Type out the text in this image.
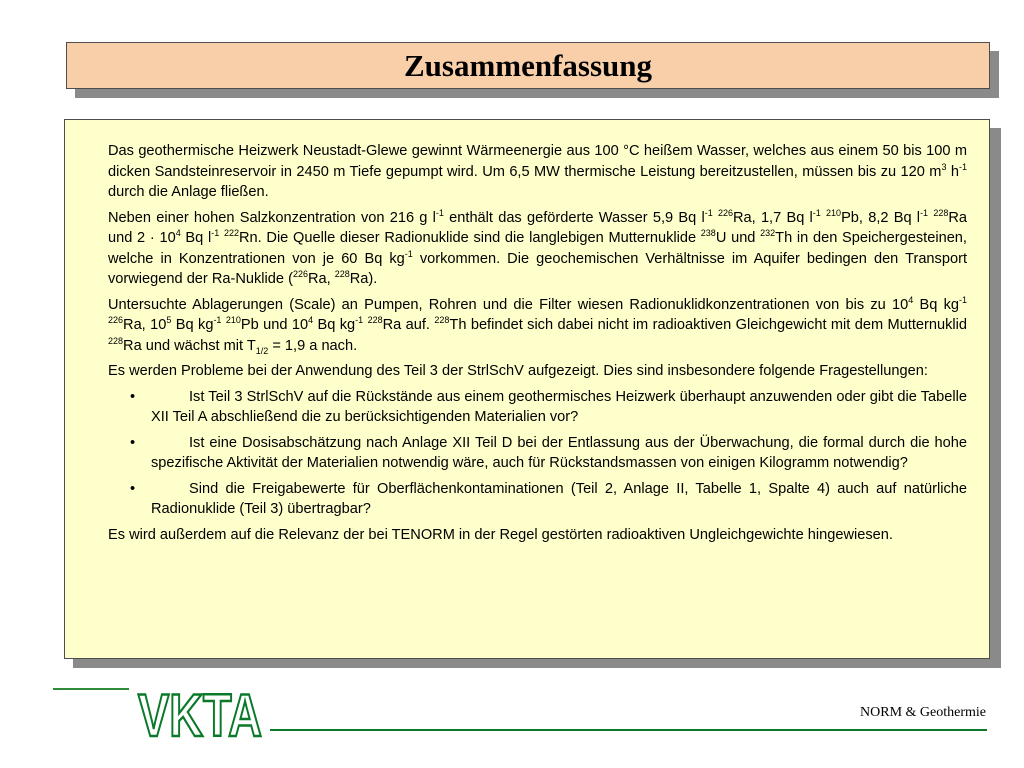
Zusammenfassung

Das geothermische Heizwerk Neustadt-Glewe gewinnt Wärmeenergie aus 100 °C heißem Wasser, welches aus einem 50 bis 100 m dicken Sandsteinreservoir in 2450 m Tiefe gepumpt wird. Um 6,5 MW thermische Leistung bereitzustellen, müssen bis zu 120 $m^3$ $h^{-1}$ durch die Anlage fließen.

Neben einer hohen Salzkonzentration von 216 g $l^{-1}$ enthält das geförderte Wasser 5,9 Bq $l^{-1}$ $^{226}$Ra, 1,7 Bq $l^{-1}$ $^{210}$Pb, 8,2 Bq $l^{-1}$ $^{228}$Ra und $2 \cdot 10^4$ Bq $l^{-1}$ $^{222}$Rn. Die Quelle dieser Radionuklide sind die langlebigen Mutternuklide $^{238}$U und $^{232}$Th in den Speichergesteinen, welche in Konzentrationen von je 60 Bq $kg^{-1}$ vorkommen. Die geochemischen Verhältnisse im Aquifer bedingen den Transport vorwiegend der Ra-Nuklide ($^{226}$Ra, $^{228}$Ra).

Untersuchte Ablagerungen (Scale) an Pumpen, Rohren und die Filter wiesen Radionuklidkonzentrationen von bis zu $10^4$ Bq $kg^{-1}$ $^{226}$Ra, $10^5$ Bq $kg^{-1}$ $^{210}$Pb und $10^4$ Bq $kg^{-1}$ $^{228}$Ra auf. $^{228}$Th befindet sich dabei nicht im radioaktiven Gleichgewicht mit dem Mutternuklid $^{228}$Ra und wächst mit $T_{1/2} = 1,9$ a nach.

Es werden Probleme bei der Anwendung des Teil 3 der StrlSchV aufgezeigt. Dies sind insbesondere folgende Fragestellungen:

•	Ist Teil 3 StrlSchV auf die Rückstände aus einem geothermisches Heizwerk überhaupt anzuwenden oder gibt die Tabelle XII Teil A abschließend die zu berücksichtigenden Materialien vor?
•	Ist eine Dosisabschätzung nach Anlage XII Teil D bei der Entlassung aus der Überwachung, die formal durch die hohe spezifische Aktivität der Materialien notwendig wäre, auch für Rückstandsmassen von einigen Kilogramm notwendig?
•	Sind die Freigabewerte für Oberflächenkontaminationen (Teil 2, Anlage II, Tabelle 1, Spalte 4) auch auf natürliche Radionuklide (Teil 3) übertragbar?

Es wird außerdem auf die Relevanz der bei TENORM in der Regel gestörten radioaktiven Ungleichgewichte hingewiesen.

VKTA	NORM & Geothermie
